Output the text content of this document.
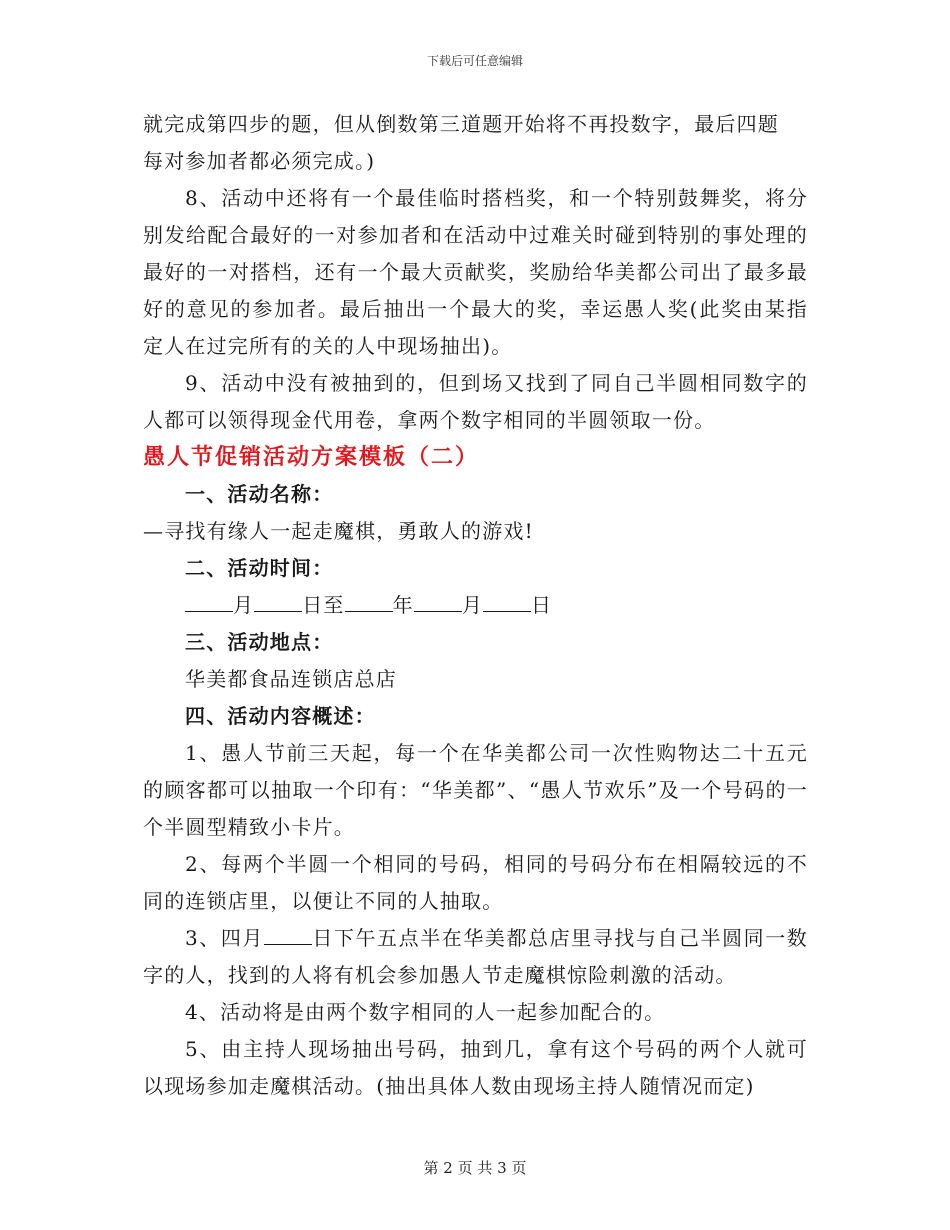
下载后可任意编辑

就完成第四步的题，但从倒数第三道题开始将不再投数字，最后四题
每对参加者都必须完成。)

8、活动中还将有一个最佳临时搭档奖，和一个特别鼓舞奖，将分别发给配合最好的一对参加者和在活动中过难关时碰到特别的事处理的最好的一对搭档，还有一个最大贡献奖，奖励给华美都公司出了最多最好的意见的参加者。最后抽出一个最大的奖，幸运愚人奖(此奖由某指定人在过完所有的关的人中现场抽出)。

9、活动中没有被抽到的，但到场又找到了同自己半圆相同数字的人都可以领得现金代用卷，拿两个数字相同的半圆领取一份。

愚人节促销活动方案模板（二）

一、活动名称：

—寻找有缘人一起走魔棋，勇敢人的游戏!

二、活动时间：

月 日至 年 月 日

三、活动地点：

华美都食品连锁店总店

四、活动内容概述：

1、愚人节前三天起，每一个在华美都公司一次性购物达二十五元的顾客都可以抽取一个印有：“华美都”、“愚人节欢乐”及一个号码的一个半圆型精致小卡片。

2、每两个半圆一个相同的号码，相同的号码分布在相隔较远的不同的连锁店里，以便让不同的人抽取。

3、四月 日下午五点半在华美都总店里寻找与自己半圆同一数字的人，找到的人将有机会参加愚人节走魔棋惊险刺激的活动。

4、活动将是由两个数字相同的人一起参加配合的。

5、由主持人现场抽出号码，抽到几，拿有这个号码的两个人就可以现场参加走魔棋活动。(抽出具体人数由现场主持人随情况而定)

第 2 页 共 3 页
